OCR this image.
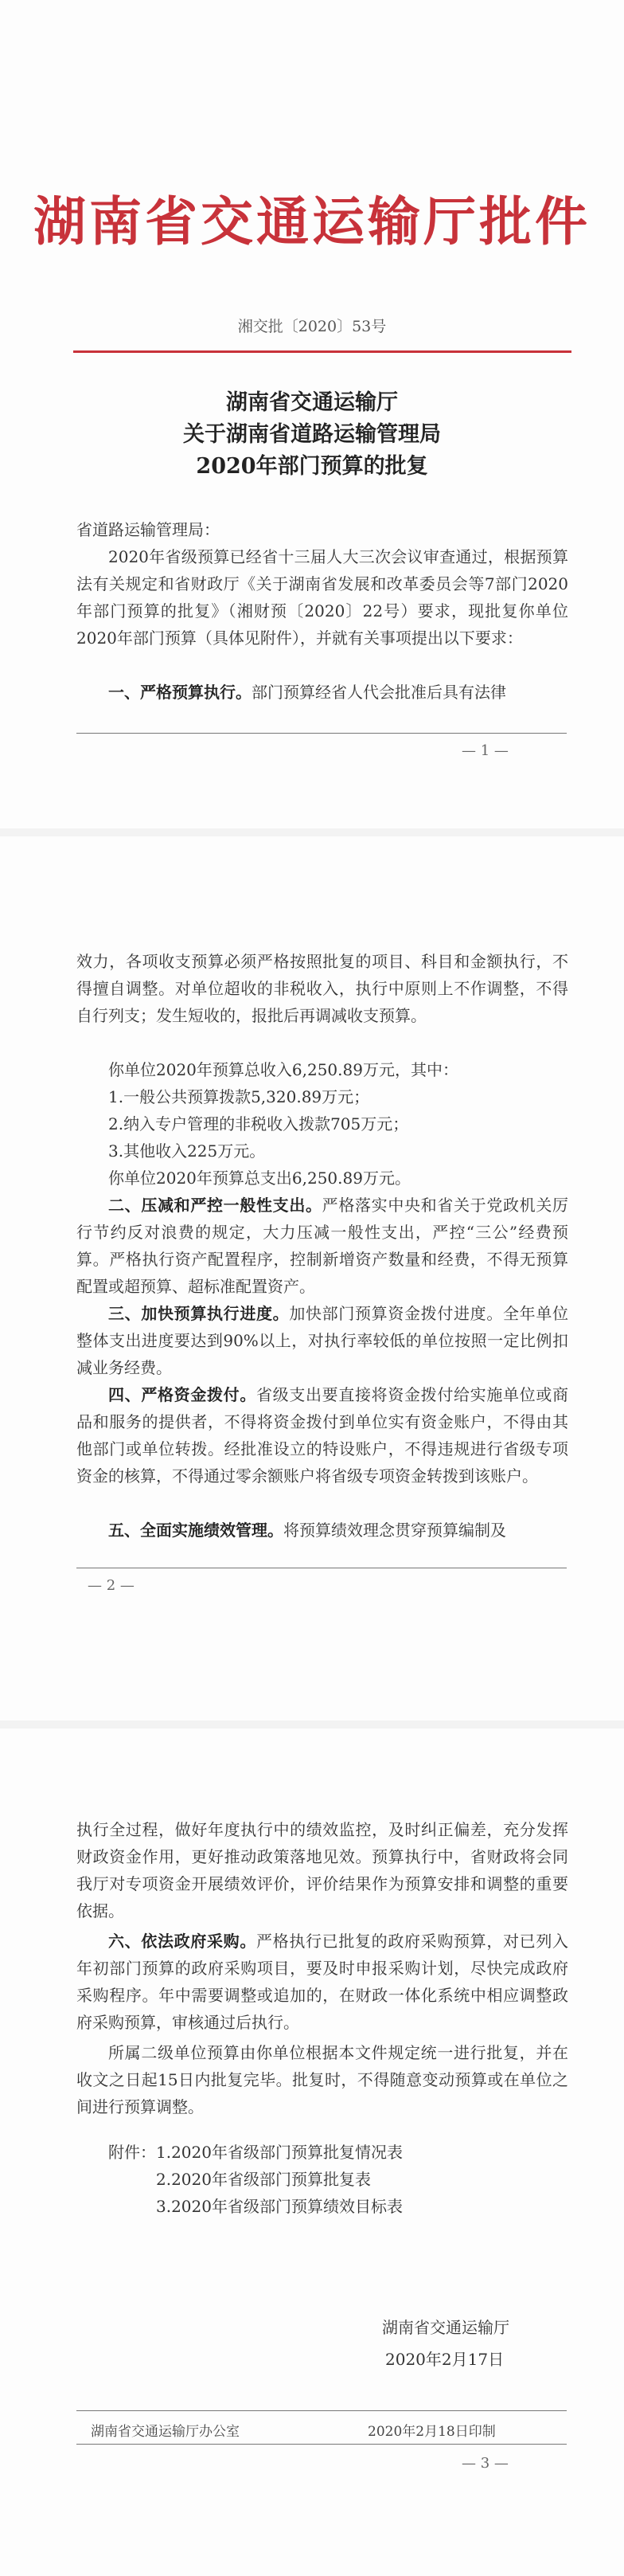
湖南省交通运输厅批件
湘交批〔2020〕53号
湖南省交通运输厅
关于湖南省道路运输管理局
2020年部门预算的批复

省道路运输管理局：

2020年省级预算已经省十三届人大三次会议审查通过，根据预算法有关规定和省财政厅《关于湖南省发展和改革委员会等7部门2020年部门预算的批复》（湘财预〔2020〕22号）要求，现批复你单位2020年部门预算（具体见附件），并就有关事项提出以下要求：

一、严格预算执行。部门预算经省人代会批准后具有法律

— 1 —

效力，各项收支预算必须严格按照批复的项目、科目和金额执行，不得擅自调整。对单位超收的非税收入，执行中原则上不作调整，不得自行列支；发生短收的，报批后再调减收支预算。

你单位2020年预算总收入6,250.89万元，其中：

1.一般公共预算拨款5,320.89万元；

2.纳入专户管理的非税收入拨款705万元；

3.其他收入225万元。

你单位2020年预算总支出6,250.89万元。

二、压减和严控一般性支出。严格落实中央和省关于党政机关厉行节约反对浪费的规定，大力压减一般性支出，严控“三公”经费预算。严格执行资产配置程序，控制新增资产数量和经费，不得无预算配置或超预算、超标准配置资产。

三、加快预算执行进度。加快部门预算资金拨付进度。全年单位整体支出进度要达到90%以上，对执行率较低的单位按照一定比例扣减业务经费。

四、严格资金拨付。省级支出要直接将资金拨付给实施单位或商品和服务的提供者，不得将资金拨付到单位实有资金账户，不得由其他部门或单位转拨。经批准设立的特设账户，不得违规进行省级专项资金的核算，不得通过零余额账户将省级专项资金转拨到该账户。

五、全面实施绩效管理。将预算绩效理念贯穿预算编制及

— 2 —

执行全过程，做好年度执行中的绩效监控，及时纠正偏差，充分发挥财政资金作用，更好推动政策落地见效。预算执行中，省财政将会同我厅对专项资金开展绩效评价，评价结果作为预算安排和调整的重要依据。

六、依法政府采购。严格执行已批复的政府采购预算，对已列入年初部门预算的政府采购项目，要及时申报采购计划，尽快完成政府采购程序。年中需要调整或追加的，在财政一体化系统中相应调整政府采购预算，审核通过后执行。

所属二级单位预算由你单位根据本文件规定统一进行批复，并在收文之日起15日内批复完毕。批复时，不得随意变动预算或在单位之间进行预算调整。

附件： 1.2020年省级部门预算批复情况表
2.2020年省级部门预算批复表
3.2020年省级部门预算绩效目标表
湖南省交通运输厅
2020年2月17日
湖南省交通运输厅办公室	2020年2月18日印制
— 3 —
